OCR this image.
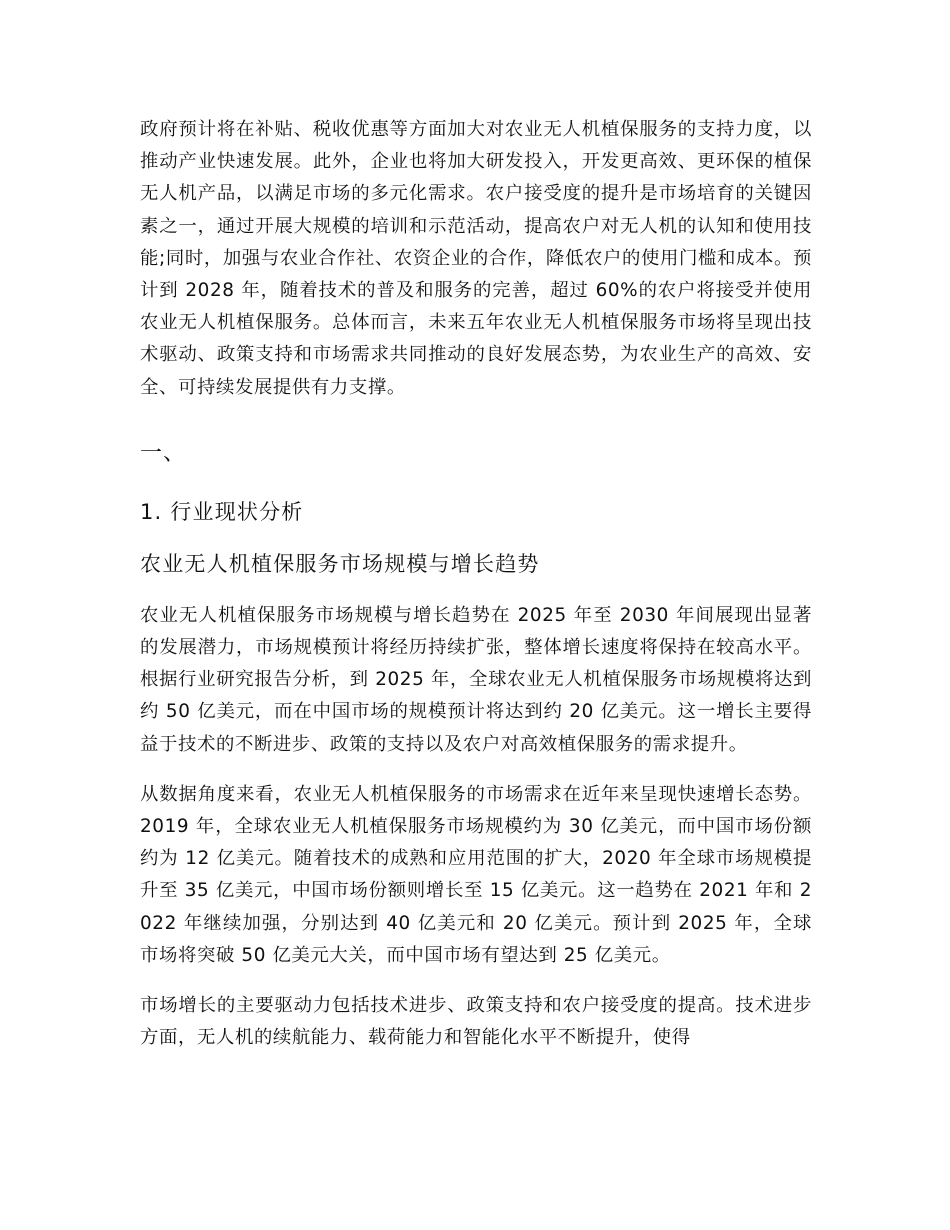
政府预计将在补贴、税收优惠等方面加大对农业无人机植保服务的支持力度，以推动产业快速发展。此外，企业也将加大研发投入，开发更高效、更环保的植保无人机产品，以满足市场的多元化需求。农户接受度的提升是市场培育的关键因素之一，通过开展大规模的培训和示范活动，提高农户对无人机的认知和使用技能;同时，加强与农业合作社、农资企业的合作，降低农户的使用门槛和成本。预计到 2028 年，随着技术的普及和服务的完善，超过 60%的农户将接受并使用农业无人机植保服务。总体而言，未来五年农业无人机植保服务市场将呈现出技术驱动、政策支持和市场需求共同推动的良好发展态势，为农业生产的高效、安全、可持续发展提供有力支撑。

一、
1. 行业现状分析
农业无人机植保服务市场规模与增长趋势

农业无人机植保服务市场规模与增长趋势在 2025 年至 2030 年间展现出显著的发展潜力，市场规模预计将经历持续扩张，整体增长速度将保持在较高水平。根据行业研究报告分析，到 2025 年，全球农业无人机植保服务市场规模将达到约 50 亿美元，而在中国市场的规模预计将达到约 20 亿美元。这一增长主要得益于技术的不断进步、政策的支持以及农户对高效植保服务的需求提升。

从数据角度来看，农业无人机植保服务的市场需求在近年来呈现快速增长态势。2019 年，全球农业无人机植保服务市场规模约为 30 亿美元，而中国市场份额约为 12 亿美元。随着技术的成熟和应用范围的扩大，2020 年全球市场规模提升至 35 亿美元，中国市场份额则增长至 15 亿美元。这一趋势在 2021 年和 2022 年继续加强，分别达到 40 亿美元和 20 亿美元。预计到 2025 年，全球市场将突破 50 亿美元大关，而中国市场有望达到 25 亿美元。

市场增长的主要驱动力包括技术进步、政策支持和农户接受度的提高。技术进步方面，无人机的续航能力、载荷能力和智能化水平不断提升，使得
